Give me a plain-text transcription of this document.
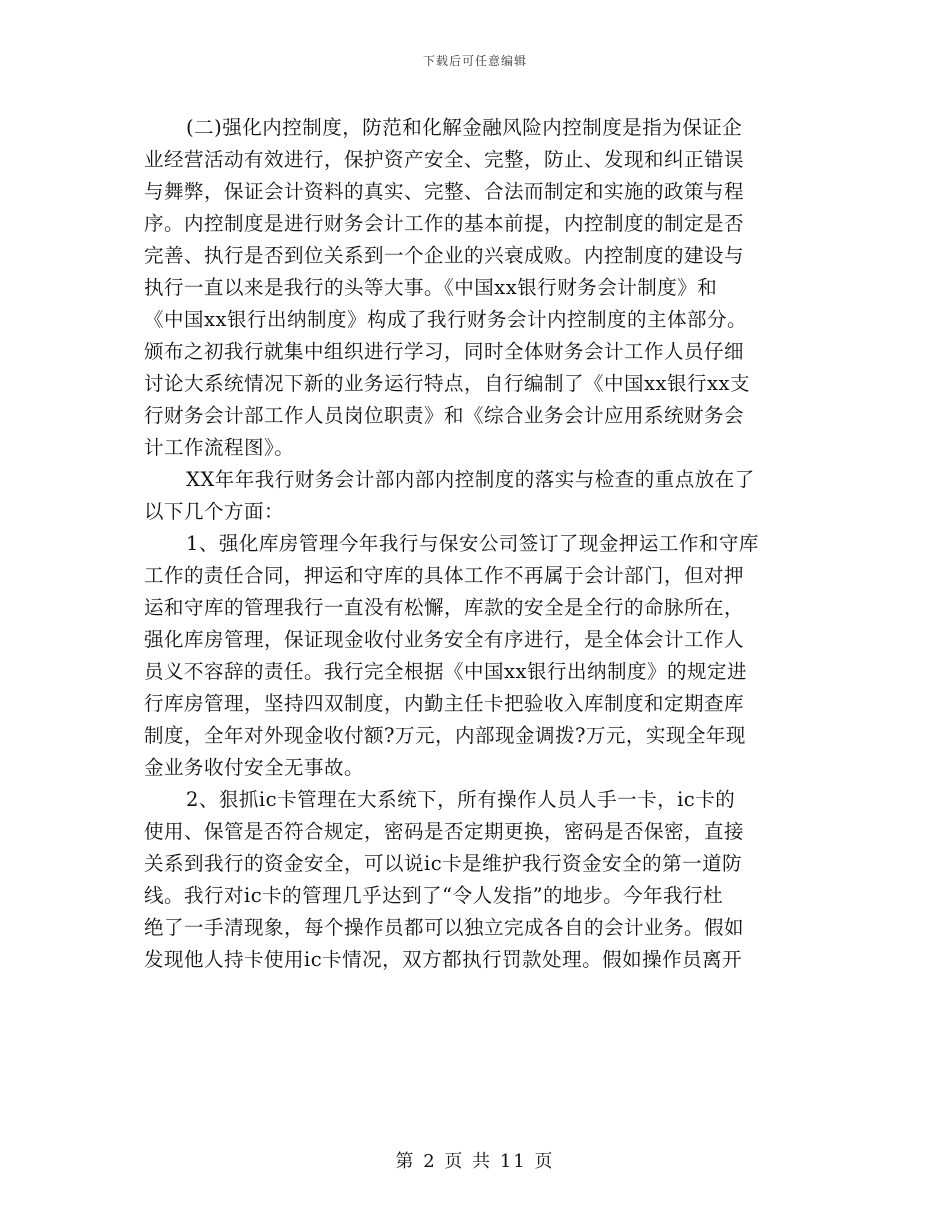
下载后可任意编辑
(二)强化内控制度，防范和化解金融风险内控制度是指为保证企
业经营活动有效进行，保护资产安全、完整，防止、发现和纠正错误
与舞弊，保证会计资料的真实、完整、合法而制定和实施的政策与程
序。内控制度是进行财务会计工作的基本前提，内控制度的制定是否
完善、执行是否到位关系到一个企业的兴衰成败。内控制度的建设与
执行一直以来是我行的头等大事。《中国xx银行财务会计制度》和
《中国xx银行出纳制度》构成了我行财务会计内控制度的主体部分。
颁布之初我行就集中组织进行学习，同时全体财务会计工作人员仔细
讨论大系统情况下新的业务运行特点，自行编制了《中国xx银行xx支
行财务会计部工作人员岗位职责》和《综合业务会计应用系统财务会
计工作流程图》。
XX年年我行财务会计部内部内控制度的落实与检查的重点放在了
以下几个方面：
1、强化库房管理今年我行与保安公司签订了现金押运工作和守库
工作的责任合同，押运和守库的具体工作不再属于会计部门，但对押
运和守库的管理我行一直没有松懈，库款的安全是全行的命脉所在，
强化库房管理，保证现金收付业务安全有序进行，是全体会计工作人
员义不容辞的责任。我行完全根据《中国xx银行出纳制度》的规定进
行库房管理，坚持四双制度，内勤主任卡把验收入库制度和定期查库
制度，全年对外现金收付额?万元，内部现金调拨?万元，实现全年现
金业务收付安全无事故。
2、狠抓ic卡管理在大系统下，所有操作人员人手一卡，ic卡的
使用、保管是否符合规定，密码是否定期更换，密码是否保密，直接
关系到我行的资金安全，可以说ic卡是维护我行资金安全的第一道防
线。我行对ic卡的管理几乎达到了“令人发指”的地步。今年我行杜
绝了一手清现象，每个操作员都可以独立完成各自的会计业务。假如
发现他人持卡使用ic卡情况，双方都执行罚款处理。假如操作员离开
第 2 页 共 11 页
